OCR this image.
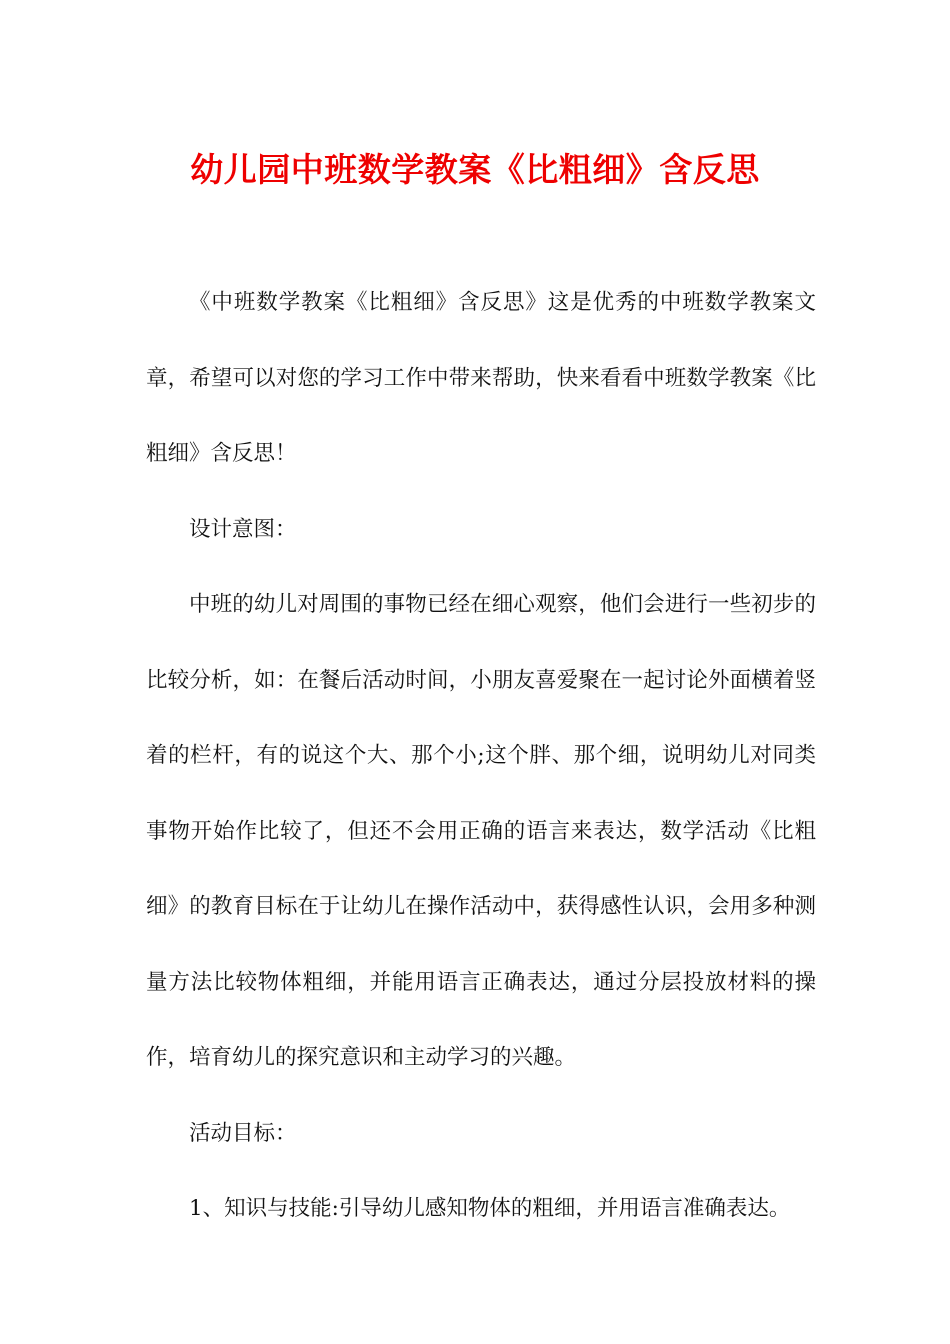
幼儿园中班数学教案《比粗细》含反思

《中班数学教案《比粗细》含反思》这是优秀的中班数学教案文章，希望可以对您的学习工作中带来帮助，快来看看中班数学教案《比粗细》含反思！

设计意图：

中班的幼儿对周围的事物已经在细心观察，他们会进行一些初步的比较分析，如：在餐后活动时间，小朋友喜爱聚在一起讨论外面横着竖着的栏杆，有的说这个大、那个小;这个胖、那个细，说明幼儿对同类事物开始作比较了，但还不会用正确的语言来表达，数学活动《比粗细》的教育目标在于让幼儿在操作活动中，获得感性认识，会用多种测量方法比较物体粗细，并能用语言正确表达，通过分层投放材料的操作，培育幼儿的探究意识和主动学习的兴趣。

活动目标：

1、知识与技能:引导幼儿感知物体的粗细，并用语言准确表达。
